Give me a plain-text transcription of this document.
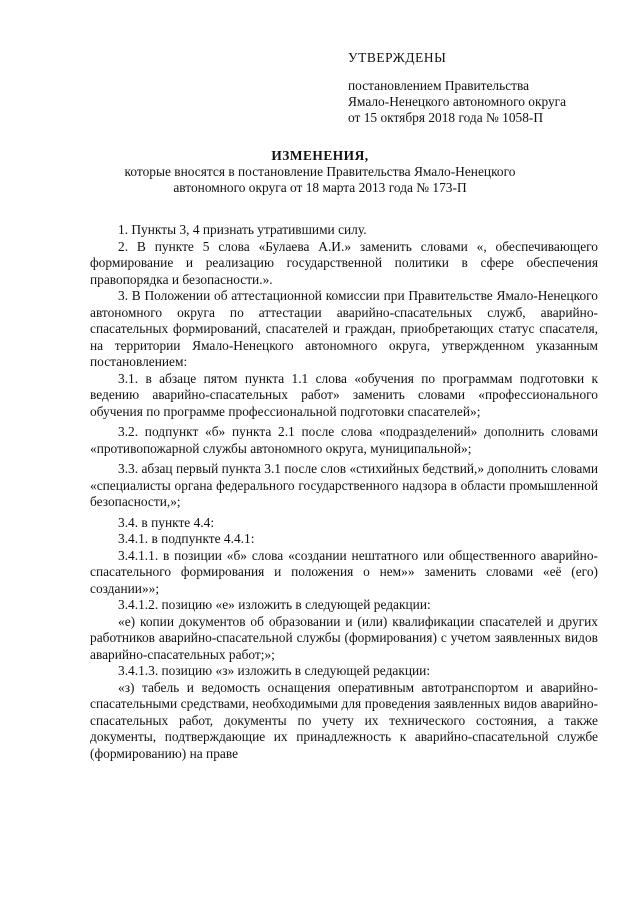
УТВЕРЖДЕНЫ
постановлением Правительства
Ямало-Ненецкого автономного округа
от 15 октября 2018 года № 1058-П
ИЗМЕНЕНИЯ,
которые вносятся в постановление Правительства Ямало-Ненецкого
автономного округа от 18 марта 2013 года № 173-П

1. Пункты 3, 4 признать утратившими силу.

2. В пункте 5 слова «Булаева А.И.» заменить словами «, обеспечивающего формирование и реализацию государственной политики в сфере обеспечения правопорядка и безопасности.».

3. В Положении об аттестационной комиссии при Правительстве Ямало-Ненецкого автономного округа по аттестации аварийно-спасательных служб, аварийно-спасательных формирований, спасателей и граждан, приобретающих статус спасателя, на территории Ямало-Ненецкого автономного округа, утвержденном указанным постановлением:

3.1. в абзаце пятом пункта 1.1 слова «обучения по программам подготовки к ведению аварийно-спасательных работ» заменить словами «профессионального обучения по программе профессиональной подготовки спасателей»;

3.2. подпункт «б» пункта 2.1 после слова «подразделений» дополнить словами «противопожарной службы автономного округа, муниципальной»;

3.3. абзац первый пункта 3.1 после слов «стихийных бедствий,» дополнить словами «специалисты органа федерального государственного надзора в области промышленной безопасности,»;

3.4. в пункте 4.4:

3.4.1. в подпункте 4.4.1:

3.4.1.1. в позиции «б» слова «создании нештатного или общественного аварийно-спасательного формирования и положения о нем»» заменить словами «её (его) создании»»;

3.4.1.2. позицию «е» изложить в следующей редакции:

«е) копии документов об образовании и (или) квалификации спасателей и других работников аварийно-спасательной службы (формирования) с учетом заявленных видов аварийно-спасательных работ;»;

3.4.1.3. позицию «з» изложить в следующей редакции:

«з) табель и ведомость оснащения оперативным автотранспортом и аварийно-спасательными средствами, необходимыми для проведения заявленных видов аварийно-спасательных работ, документы по учету их технического состояния, а также документы, подтверждающие их принадлежность к аварийно-спасательной службе (формированию) на праве
